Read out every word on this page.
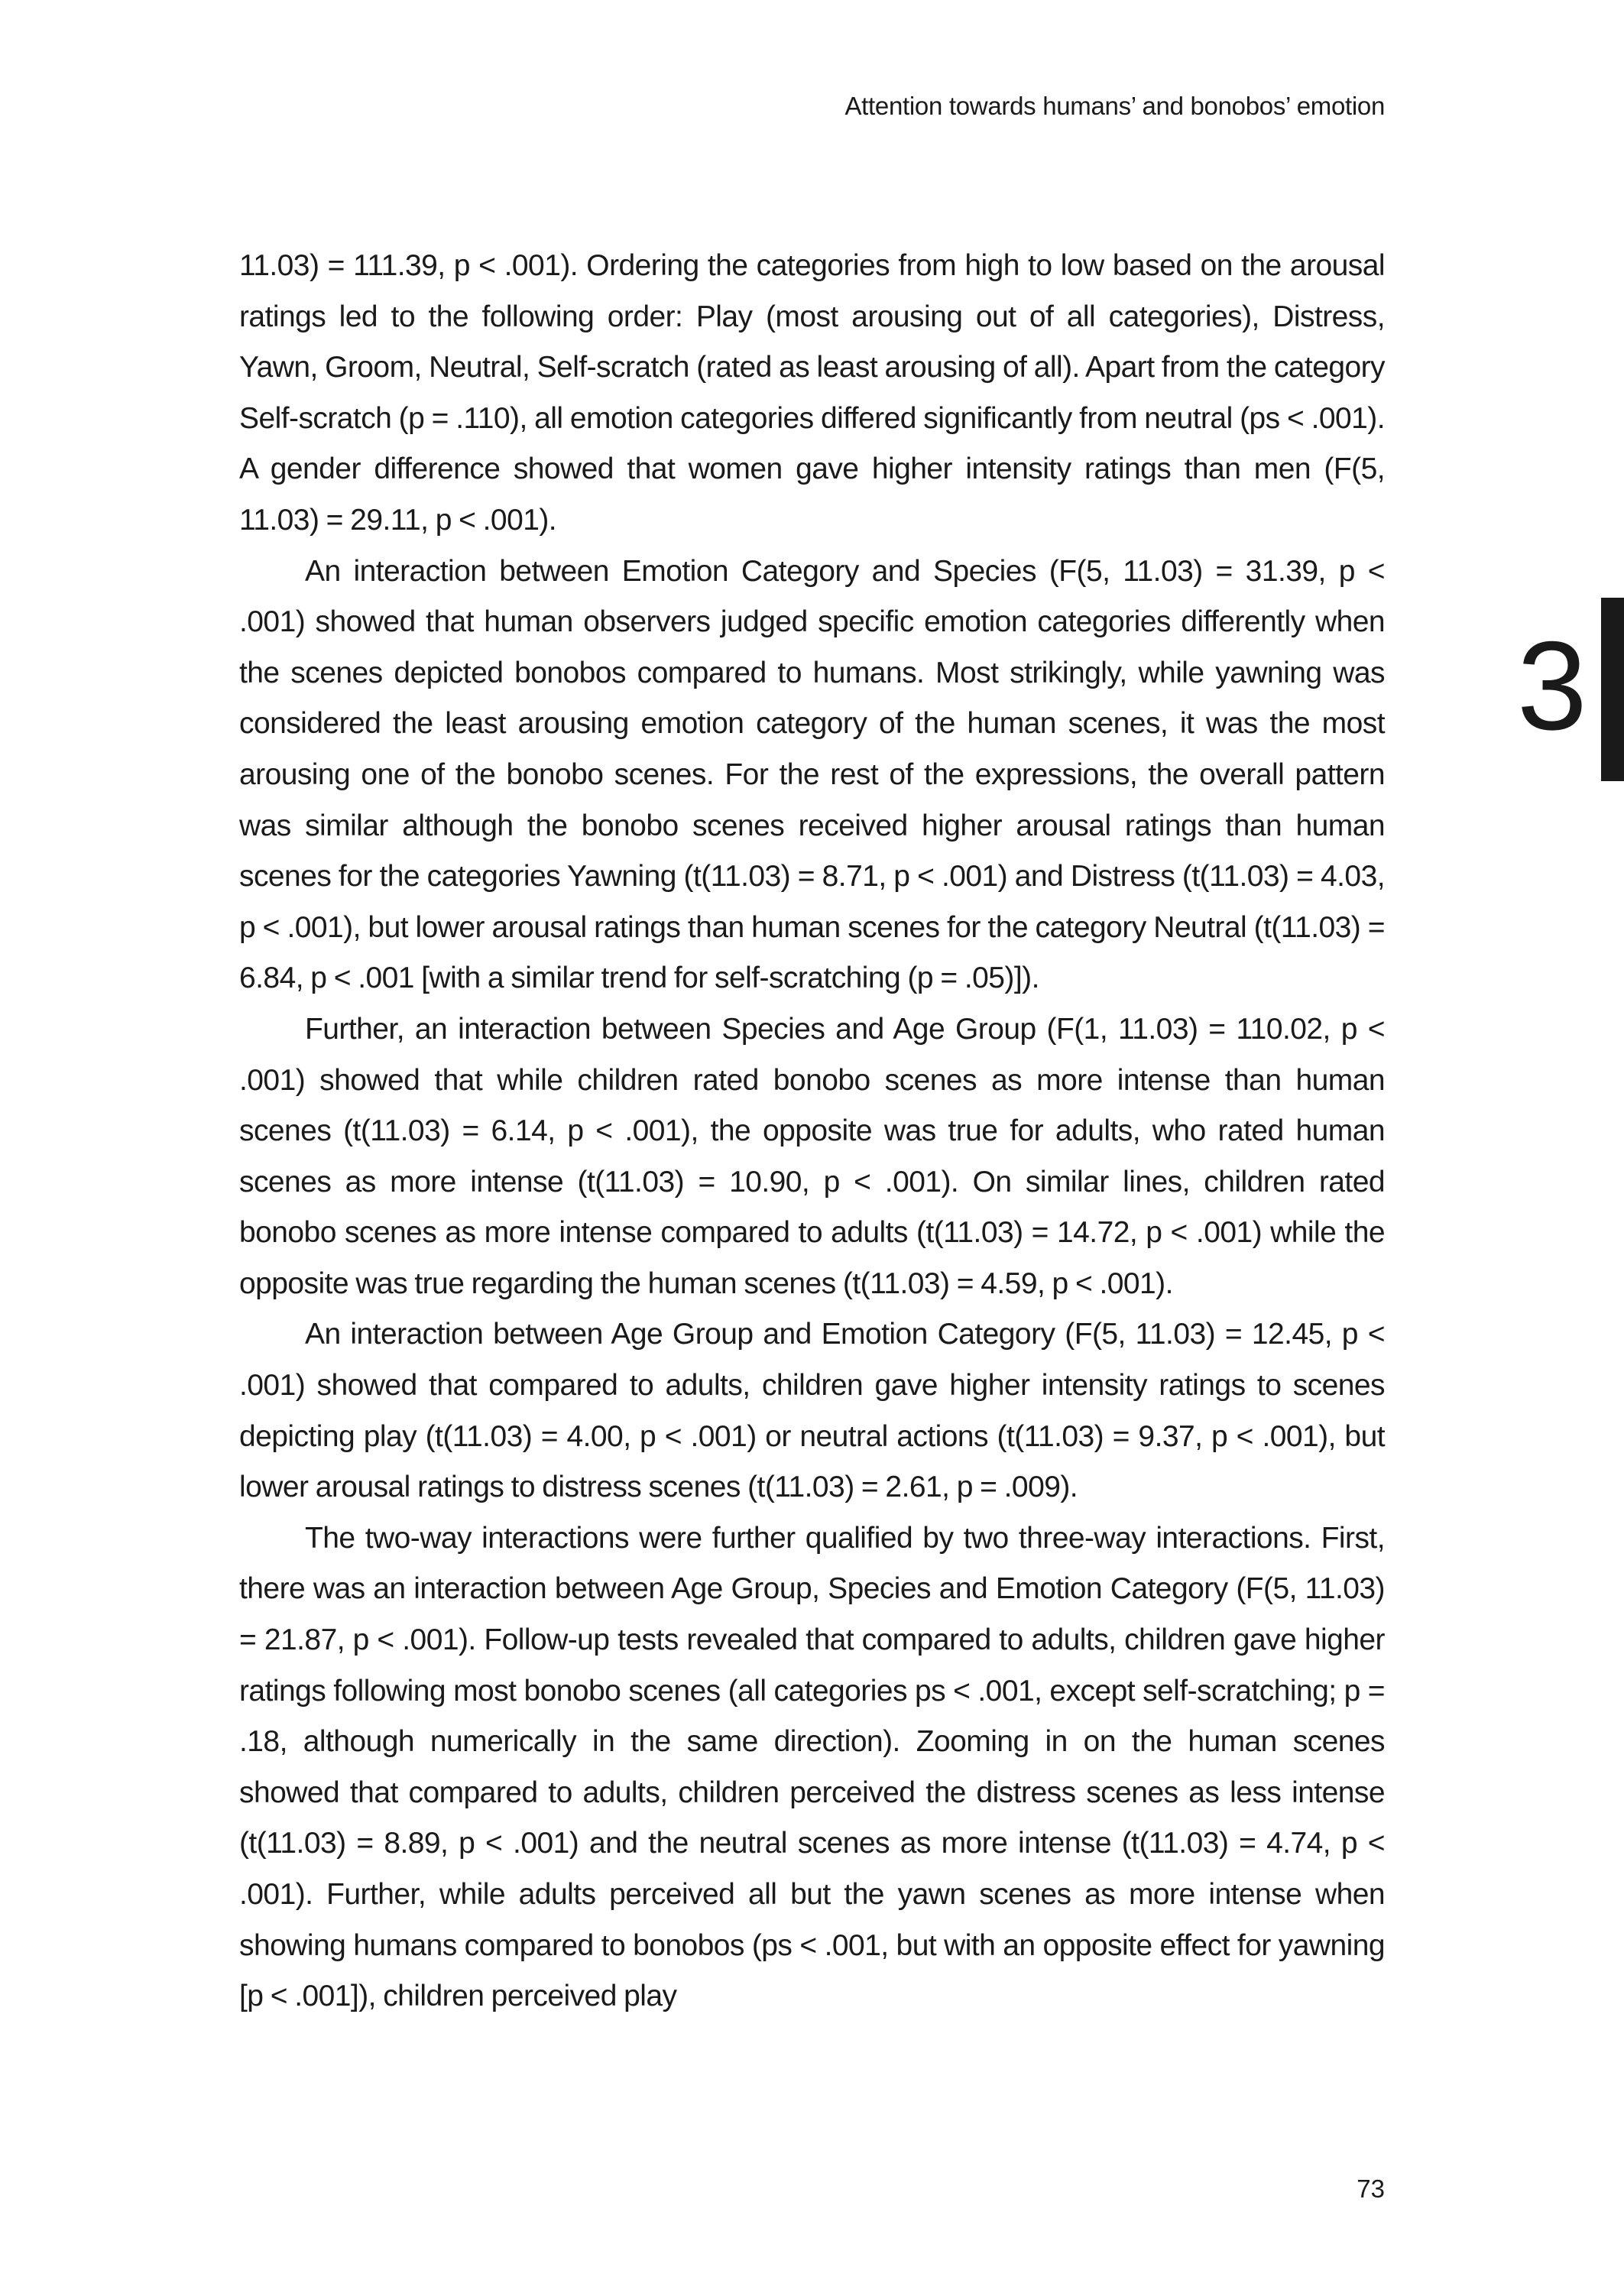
Attention towards humans’ and bonobos’ emotion

11.03) = 111.39, p < .001). Ordering the categories from high to low based on the arousal ratings led to the following order: Play (most arousing out of all categories), Distress, Yawn, Groom, Neutral, Self-scratch (rated as least arousing of all). Apart from the category Self-scratch (p = .110), all emotion categories differed significantly from neutral (ps < .001). A gender difference showed that women gave higher intensity ratings than men (F(5, 11.03) = 29.11, p < .001).

An interaction between Emotion Category and Species (F(5, 11.03) = 31.39, p < .001) showed that human observers judged specific emotion categories differently when the scenes depicted bonobos compared to humans. Most strikingly, while yawning was considered the least arousing emotion category of the human scenes, it was the most arousing one of the bonobo scenes. For the rest of the expressions, the overall pattern was similar although the bonobo scenes received higher arousal ratings than human scenes for the categories Yawning (t(11.03) = 8.71, p < .001) and Distress (t(11.03) = 4.03, p < .001), but lower arousal ratings than human scenes for the category Neutral (t(11.03) = 6.84, p < .001 [with a similar trend for self-scratching (p = .05)]).

Further, an interaction between Species and Age Group (F(1, 11.03) = 110.02, p < .001) showed that while children rated bonobo scenes as more intense than human scenes (t(11.03) = 6.14, p < .001), the opposite was true for adults, who rated human scenes as more intense (t(11.03) = 10.90, p < .001). On similar lines, children rated bonobo scenes as more intense compared to adults (t(11.03) = 14.72, p < .001) while the opposite was true regarding the human scenes (t(11.03) = 4.59, p < .001).

An interaction between Age Group and Emotion Category (F(5, 11.03) = 12.45, p < .001) showed that compared to adults, children gave higher intensity ratings to scenes depicting play (t(11.03) = 4.00, p < .001) or neutral actions (t(11.03) = 9.37, p < .001), but lower arousal ratings to distress scenes (t(11.03) = 2.61, p = .009).

The two-way interactions were further qualified by two three-way interactions. First, there was an interaction between Age Group, Species and Emotion Category (F(5, 11.03) = 21.87, p < .001). Follow-up tests revealed that compared to adults, children gave higher ratings following most bonobo scenes (all categories ps < .001, except self-scratching; p = .18, although numerically in the same direction). Zooming in on the human scenes showed that compared to adults, children perceived the distress scenes as less intense (t(11.03) = 8.89, p < .001) and the neutral scenes as more intense (t(11.03) = 4.74, p < .001). Further, while adults perceived all but the yawn scenes as more intense when showing humans compared to bonobos (ps < .001, but with an opposite effect for yawning [p < .001]), children perceived play

3
73
